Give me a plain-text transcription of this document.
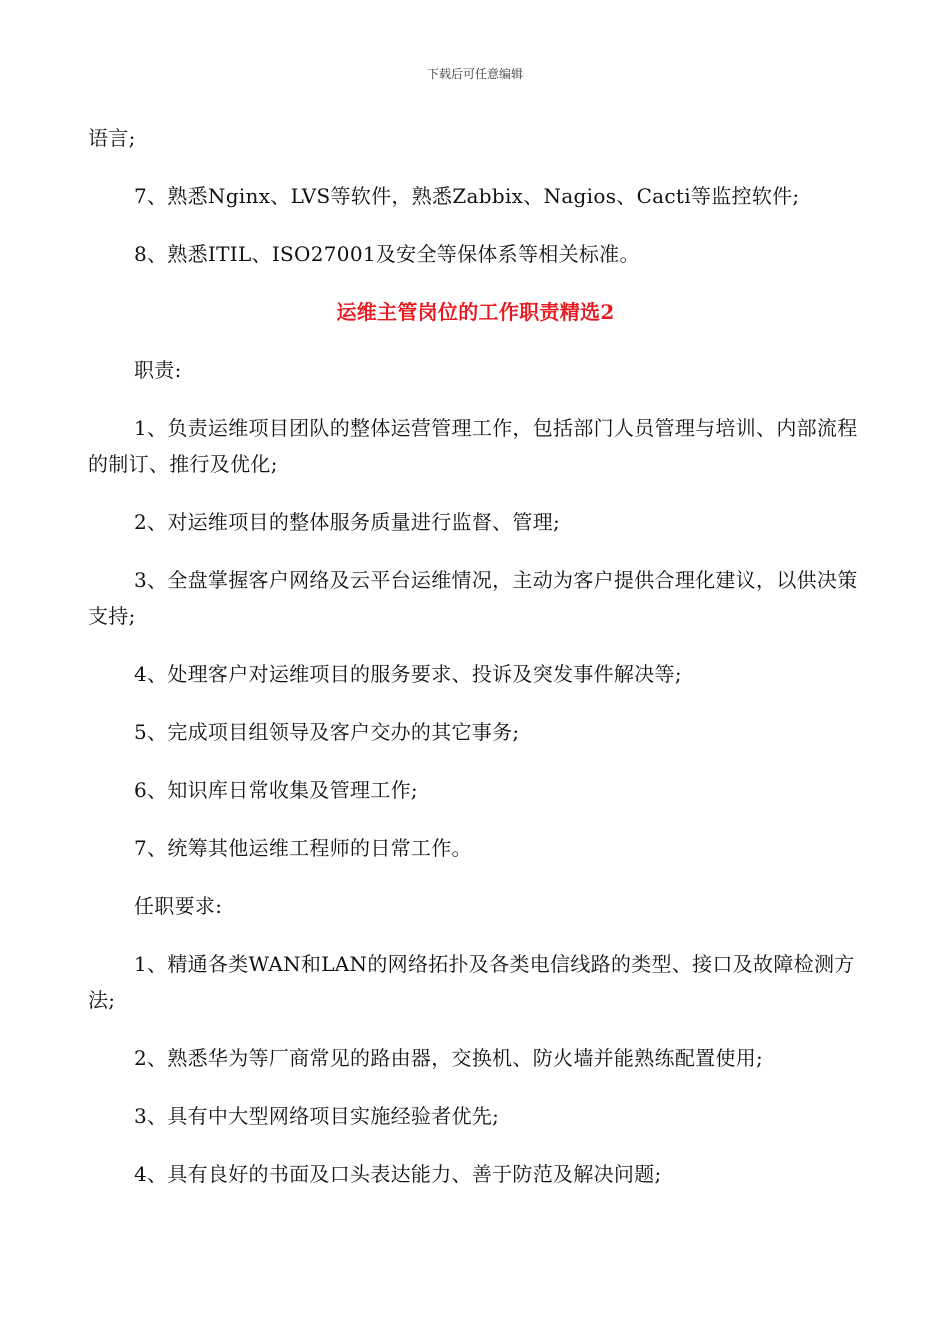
下载后可任意编辑

语言;

7、熟悉Nginx、LVS等软件，熟悉Zabbix、Nagios、Cacti等监控软件;

8、熟悉ITIL、ISO27001及安全等保体系等相关标准。

运维主管岗位的工作职责精选2

职责:

1、负责运维项目团队的整体运营管理工作，包括部门人员管理与培训、内部流程的制订、推行及优化;

2、对运维项目的整体服务质量进行监督、管理;

3、全盘掌握客户网络及云平台运维情况，主动为客户提供合理化建议，以供决策支持;

4、处理客户对运维项目的服务要求、投诉及突发事件解决等;

5、完成项目组领导及客户交办的其它事务;

6、知识库日常收集及管理工作;

7、统筹其他运维工程师的日常工作。

任职要求:

1、精通各类WAN和LAN的网络拓扑及各类电信线路的类型、接口及故障检测方法;

2、熟悉华为等厂商常见的路由器，交换机、防火墙并能熟练配置使用;

3、具有中大型网络项目实施经验者优先;

4、具有良好的书面及口头表达能力、善于防范及解决问题;
